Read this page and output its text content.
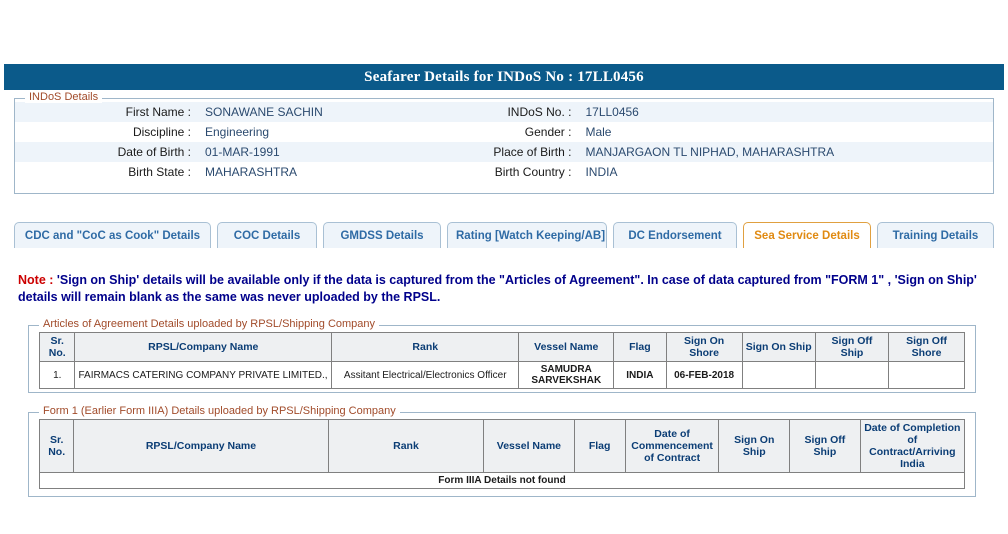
Seafarer Details for INDoS No : 17LL0456
INDoS Details
First Name :	SONAWANE SACHIN	INDoS No. :	17LL0456
Discipline :	Engineering	Gender :	Male
Date of Birth :	01-MAR-1991	Place of Birth :	MANJARGAON TL NIPHAD, MAHARASHTRA
Birth State :	MAHARASHTRA	Birth Country :	INDIA
CDC and "CoC as Cook" Details	COC Details	GMDSS Details	Rating [Watch Keeping/AB]	DC Endorsement	Sea Service Details	Training Details
Note : 'Sign on Ship' details will be available only if the data is captured from the "Articles of Agreement". In case of data captured from "FORM 1" , 'Sign on Ship' details will remain blank as the same was never uploaded by the RPSL.
Articles of Agreement Details uploaded by RPSL/Shipping Company
Sr. No.	RPSL/Company Name	Rank	Vessel Name	Flag	Sign On Shore	Sign On Ship	Sign Off Ship	Sign Off Shore
1.	FAIRMACS CATERING COMPANY PRIVATE LIMITED.,	Assitant Electrical/Electronics Officer	SAMUDRA SARVEKSHAK	INDIA	06-FEB-2018			
Form 1 (Earlier Form IIIA) Details uploaded by RPSL/Shipping Company
Sr. No.	RPSL/Company Name	Rank	Vessel Name	Flag	Date of Commencement of Contract	Sign On Ship	Sign Off Ship	Date of Completion of Contract/Arriving India
Form IIIA Details not found
